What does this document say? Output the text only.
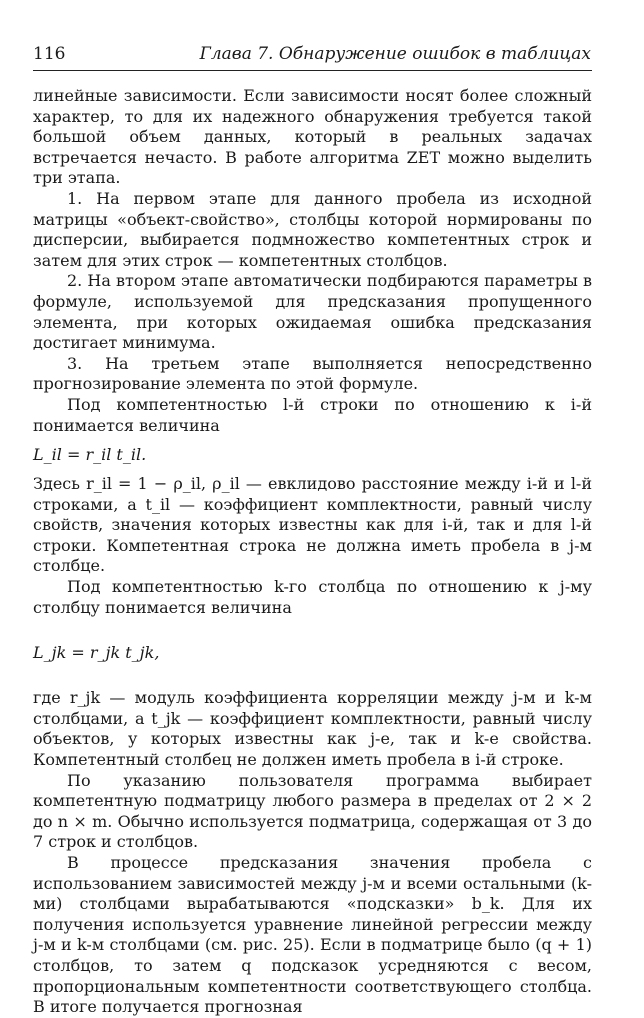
116	Глава 7. Обнаружение ошибок в таблицах

линейные зависимости. Если зависимости носят более сложный характер, то для их надежного обнаружения требуется такой большой объем данных, который в реальных задачах встречается нечасто. В работе алгоритма ZET можно выделить три этапа.

1. На первом этапе для данного пробела из исходной матрицы «объект-свойство», столбцы которой нормированы по дисперсии, выбирается подмножество компетентных строк и затем для этих строк — компетентных столбцов.

2. На втором этапе автоматически подбираются параметры в формуле, используемой для предсказания пропущенного элемента, при которых ожидаемая ошибка предсказания достигает минимума.

3. На третьем этапе выполняется непосредственно прогнозирование элемента по этой формуле.

Под компетентностью l-й строки по отношению к i-й понимается величина

L_il = r_il t_il.

Здесь r_il = 1 − ρ_il, ρ_il — евклидово расстояние между i-й и l-й строками, а t_il — коэффициент комплектности, равный числу свойств, значения которых известны как для i-й, так и для l-й строки. Компетентная строка не должна иметь пробела в j-м столбце.

Под компетентностью k-го столбца по отношению к j-му столбцу понимается величина

L_jk = r_jk t_jk,

где r_jk — модуль коэффициента корреляции между j-м и k-м столбцами, а t_jk — коэффициент комплектности, равный числу объектов, у которых известны как j-е, так и k-е свойства. Компетентный столбец не должен иметь пробела в i-й строке.

По указанию пользователя программа выбирает компетентную подматрицу любого размера в пределах от 2 × 2 до n × m. Обычно используется подматрица, содержащая от 3 до 7 строк и столбцов.

В процессе предсказания значения пробела с использованием зависимостей между j-м и всеми остальными (k-ми) столбцами вырабатываются «подсказки» b_k. Для их получения используется уравнение линейной регрессии между j-м и k-м столбцами (см. рис. 25). Если в подматрице было (q + 1) столбцов, то затем q подсказок усредняются с весом, пропорциональным компетентности соответствующего столбца. В итоге получается прогнозная
